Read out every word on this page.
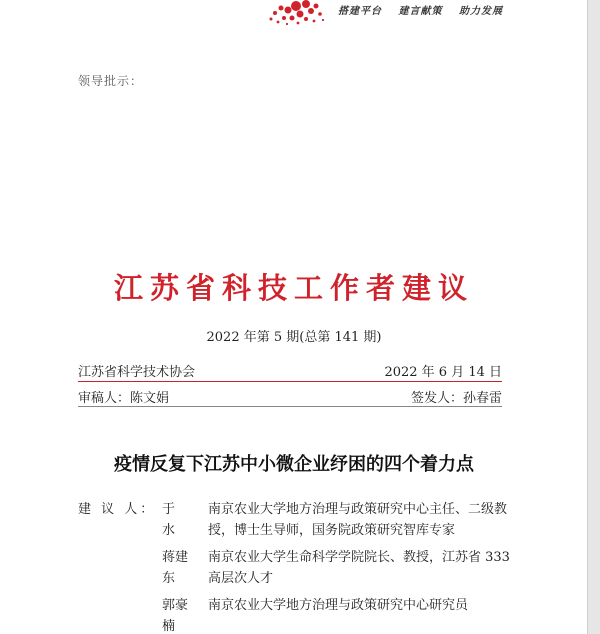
搭建平台 建言献策 助力发展
领导批示：
江苏省科技工作者建议
2022 年第 5 期(总第 141 期)
江苏省科学技术协会	2022 年 6 月 14 日
审稿人：陈文娟	签发人：孙春雷
疫情反复下江苏中小微企业纾困的四个着力点
建 议 人： 于　水
南京农业大学地方治理与政策研究中心主任、二级教授，博士生导师，国务院政策研究智库专家
蒋建东
南京农业大学生命科学学院院长、教授，江苏省 333 高层次人才
郭豪楠
南京农业大学地方治理与政策研究中心研究员
